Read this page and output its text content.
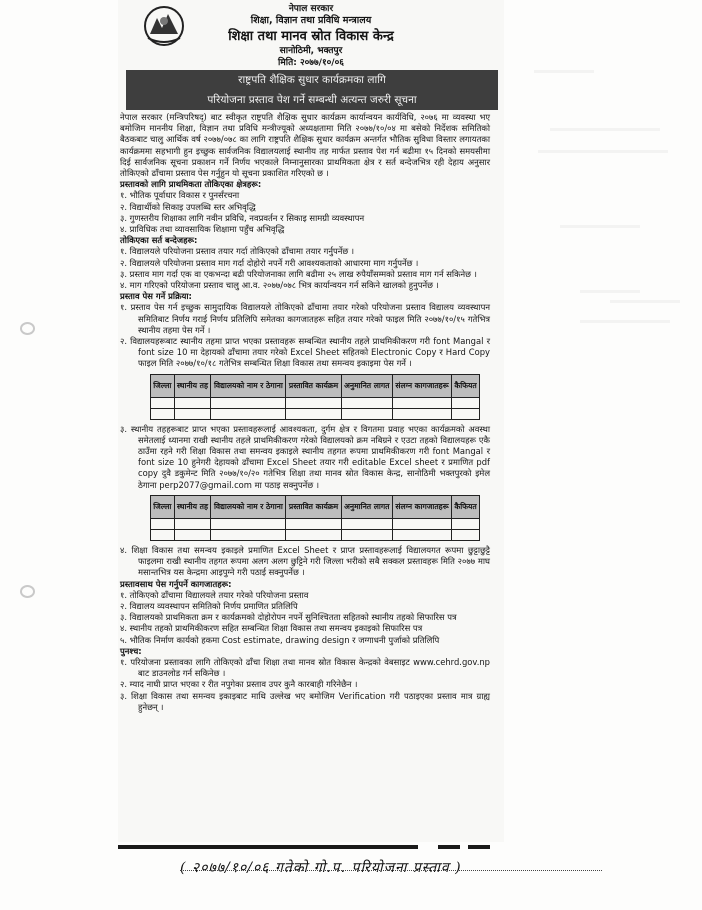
नेपाल सरकार
शिक्षा, विज्ञान तथा प्रविधि मन्त्रालय
शिक्षा तथा मानव स्रोत विकास केन्द्र
सानोठिमी, भक्तपुर
मिति: २०७७/१०/०६
राष्ट्रपति शैक्षिक सुधार कार्यक्रमका लागि
परियोजना प्रस्ताव पेश गर्ने सम्बन्धी अत्यन्त जरुरी सूचना

नेपाल सरकार (मन्त्रिपरिषद्) बाट स्वीकृत राष्ट्रपति शैक्षिक सुधार कार्यक्रम कार्यान्वयन कार्यविधि, २०७६ मा व्यवस्था भए बमोजिम माननीय शिक्षा, विज्ञान तथा प्रविधि मन्त्रीज्यूको अध्यक्षतामा मिति २०७७/१०/०४ मा बसेको निर्देशक समितिको बैठकबाट चालु आर्थिक वर्ष २०७७/०७८ का लागि राष्ट्रपति शैक्षिक सुधार कार्यक्रम अन्तर्गत भौतिक सुविधा विस्तार लगायतका कार्यक्रममा सहभागी हुन इच्छुक सार्वजनिक विद्यालयलाई स्थानीय तह मार्फत प्रस्ताव पेश गर्न बढीमा १५ दिनको समयसीमा दिई सार्वजनिक सूचना प्रकाशन गर्ने निर्णय भएकाले निम्नानुसारका प्राथमिकता क्षेत्र र सर्त बन्देजभित्र रही देहाय अनुसार तोकिएको ढाँचामा प्रस्ताव पेस गर्नुहुन यो सूचना प्रकाशित गरिएको छ ।

प्रस्तावको लागि प्राथमिकता तोकिएका क्षेत्रहरू:

१. भौतिक पूर्वाधार विकास र पुनर्संरचना

२. विद्यार्थीको सिकाइ उपलब्धि स्तर अभिवृद्धि

३. गुणस्तरीय शिक्षाका लागि नवीन प्रविधि, नवप्रवर्तन र सिकाइ सामग्री व्यवस्थापन

४. प्राविधिक तथा व्यावसायिक शिक्षामा पहुँच अभिवृद्धि

तोकिएका सर्त बन्देजहरू:

१. विद्यालयले परियोजना प्रस्ताव तयार गर्दा तोकिएको ढाँचामा तयार गर्नुपर्नेछ ।

२. विद्यालयले परियोजना प्रस्ताव माग गर्दा दोहोरो नपर्ने गरी आवश्यकताको आधारमा माग गर्नुपर्नेछ ।

३. प्रस्ताव माग गर्दा एक वा एकभन्दा बढी परियोजनाका लागि बढीमा २५ लाख रुपैयाँसम्मको प्रस्ताव माग गर्न सकिनेछ ।

४. माग गरिएको परियोजना प्रस्ताव चालु आ.व. २०७७/०७८ भित्र कार्यान्वयन गर्न सकिने खालको हुनुपर्नेछ ।

प्रस्ताव पेस गर्ने प्रक्रिया:

१. प्रस्ताव पेस गर्न इच्छुक सामुदायिक विद्यालयले तोकिएको ढाँचामा तयार गरेको परियोजना प्रस्ताव विद्यालय व्यवस्थापन समितिबाट निर्णय गराई निर्णय प्रतिलिपि समेतका कागजातहरू सहित तयार गरेको फाइल मिति २०७७/१०/१५ गतेभित्र स्थानीय तहमा पेस गर्ने ।

२. विद्यालयहरूबाट स्थानीय तहमा प्राप्त भएका प्रस्तावहरू सम्बन्धित स्थानीय तहले प्राथमिकीकरण गरी font Mangal र font size 10 मा देहायको ढाँचामा तयार गरेको Excel Sheet सहितको Electronic Copy र Hard Copy फाइल मिति २०७७/१०/१८ गतेभित्र सम्बन्धित शिक्षा विकास तथा समन्वय इकाइमा पेस गर्ने ।

जिल्ला	स्थानीय तह	विद्यालयको नाम र ठेगाना	प्रस्तावित कार्यक्रम	अनुमानित लागत	संलग्न कागजातहरू	कैफियत

३. स्थानीय तहहरूबाट प्राप्त भएका प्रस्तावहरूलाई आवश्यकता, दुर्गम क्षेत्र र विगतमा प्रवाह भएका कार्यक्रमको अवस्था समेतलाई ध्यानमा राखी स्थानीय तहले प्राथमिकीकरण गरेको विद्यालयको क्रम नबिग्रने र एउटा तहको विद्यालयहरू एकै ठाउँमा रहने गरी शिक्षा विकास तथा समन्वय इकाइले स्थानीय तहगत रूपमा प्राथमिकीकरण गरी font Mangal र font size 10 हुनेगरी देहायको ढाँचामा Excel Sheet तयार गरी editable Excel sheet र प्रमाणित pdf copy दुवै डकुमेन्ट मिति २०७७/१०/२० गतेभित्र शिक्षा तथा मानव स्रोत विकास केन्द्र, सानोठिमी भक्तपुरको इमेल ठेगाना perp2077@gmail.com मा पठाइ सक्नुपर्नेछ ।

जिल्ला	स्थानीय तह	विद्यालयको नाम र ठेगाना	प्रस्तावित कार्यक्रम	अनुमानित लागत	संलग्न कागजातहरू	कैफियत

४. शिक्षा विकास तथा समन्वय इकाइले प्रमाणित Excel Sheet र प्राप्त प्रस्तावहरूलाई विद्यालयगत रूपमा छुट्टाछुट्टै फाइलमा राखी स्थानीय तहगत रूपमा अलग अलग छुट्टिने गरी जिल्ला भरीको सबै सक्कल प्रस्तावहरू मिति २०७७ माघ मसान्तभित्र यस केन्द्रमा आइपुग्ने गरी पठाई सक्नुपर्नेछ ।

प्रस्तावसाथ पेस गर्नुपर्ने कागजातहरू:

१. तोकिएको ढाँचामा विद्यालयले तयार गरेको परियोजना प्रस्ताव

२. विद्यालय व्यवस्थापन समितिको निर्णय प्रमाणित प्रतिलिपि

३. विद्यालयको प्राथमिकता क्रम र कार्यक्रमको दोहोरोपन नपर्ने सुनिश्चितता सहितको स्थानीय तहको सिफारिस पत्र

४. स्थानीय तहको प्राथमिकीकरण सहित सम्बन्धित शिक्षा विकास तथा समन्वय इकाइको सिफारिस पत्र

५. भौतिक निर्माण कार्यको हकमा Cost estimate, drawing design र जग्गाधनी पुर्जाको प्रतिलिपि

पुनश्च:

१. परियोजना प्रस्तावका लागि तोकिएको ढाँचा शिक्षा तथा मानव स्रोत विकास केन्द्रको वेबसाइट www.cehrd.gov.np बाट डाउनलोड गर्न सकिनेछ ।

२. म्याद नाघी प्राप्त भएका र रीत नपुगेका प्रस्ताव उपर कुनै कारबाही गरिनेछैन ।

३. शिक्षा विकास तथा समन्वय इकाइबाट माथि उल्लेख भए बमोजिम Verification गरी पठाइएका प्रस्ताव मात्र ग्राह्य हुनेछन् ।

( २०७७/१०/०६ गतेको गो.प. परियोजना प्रस्ताव )
